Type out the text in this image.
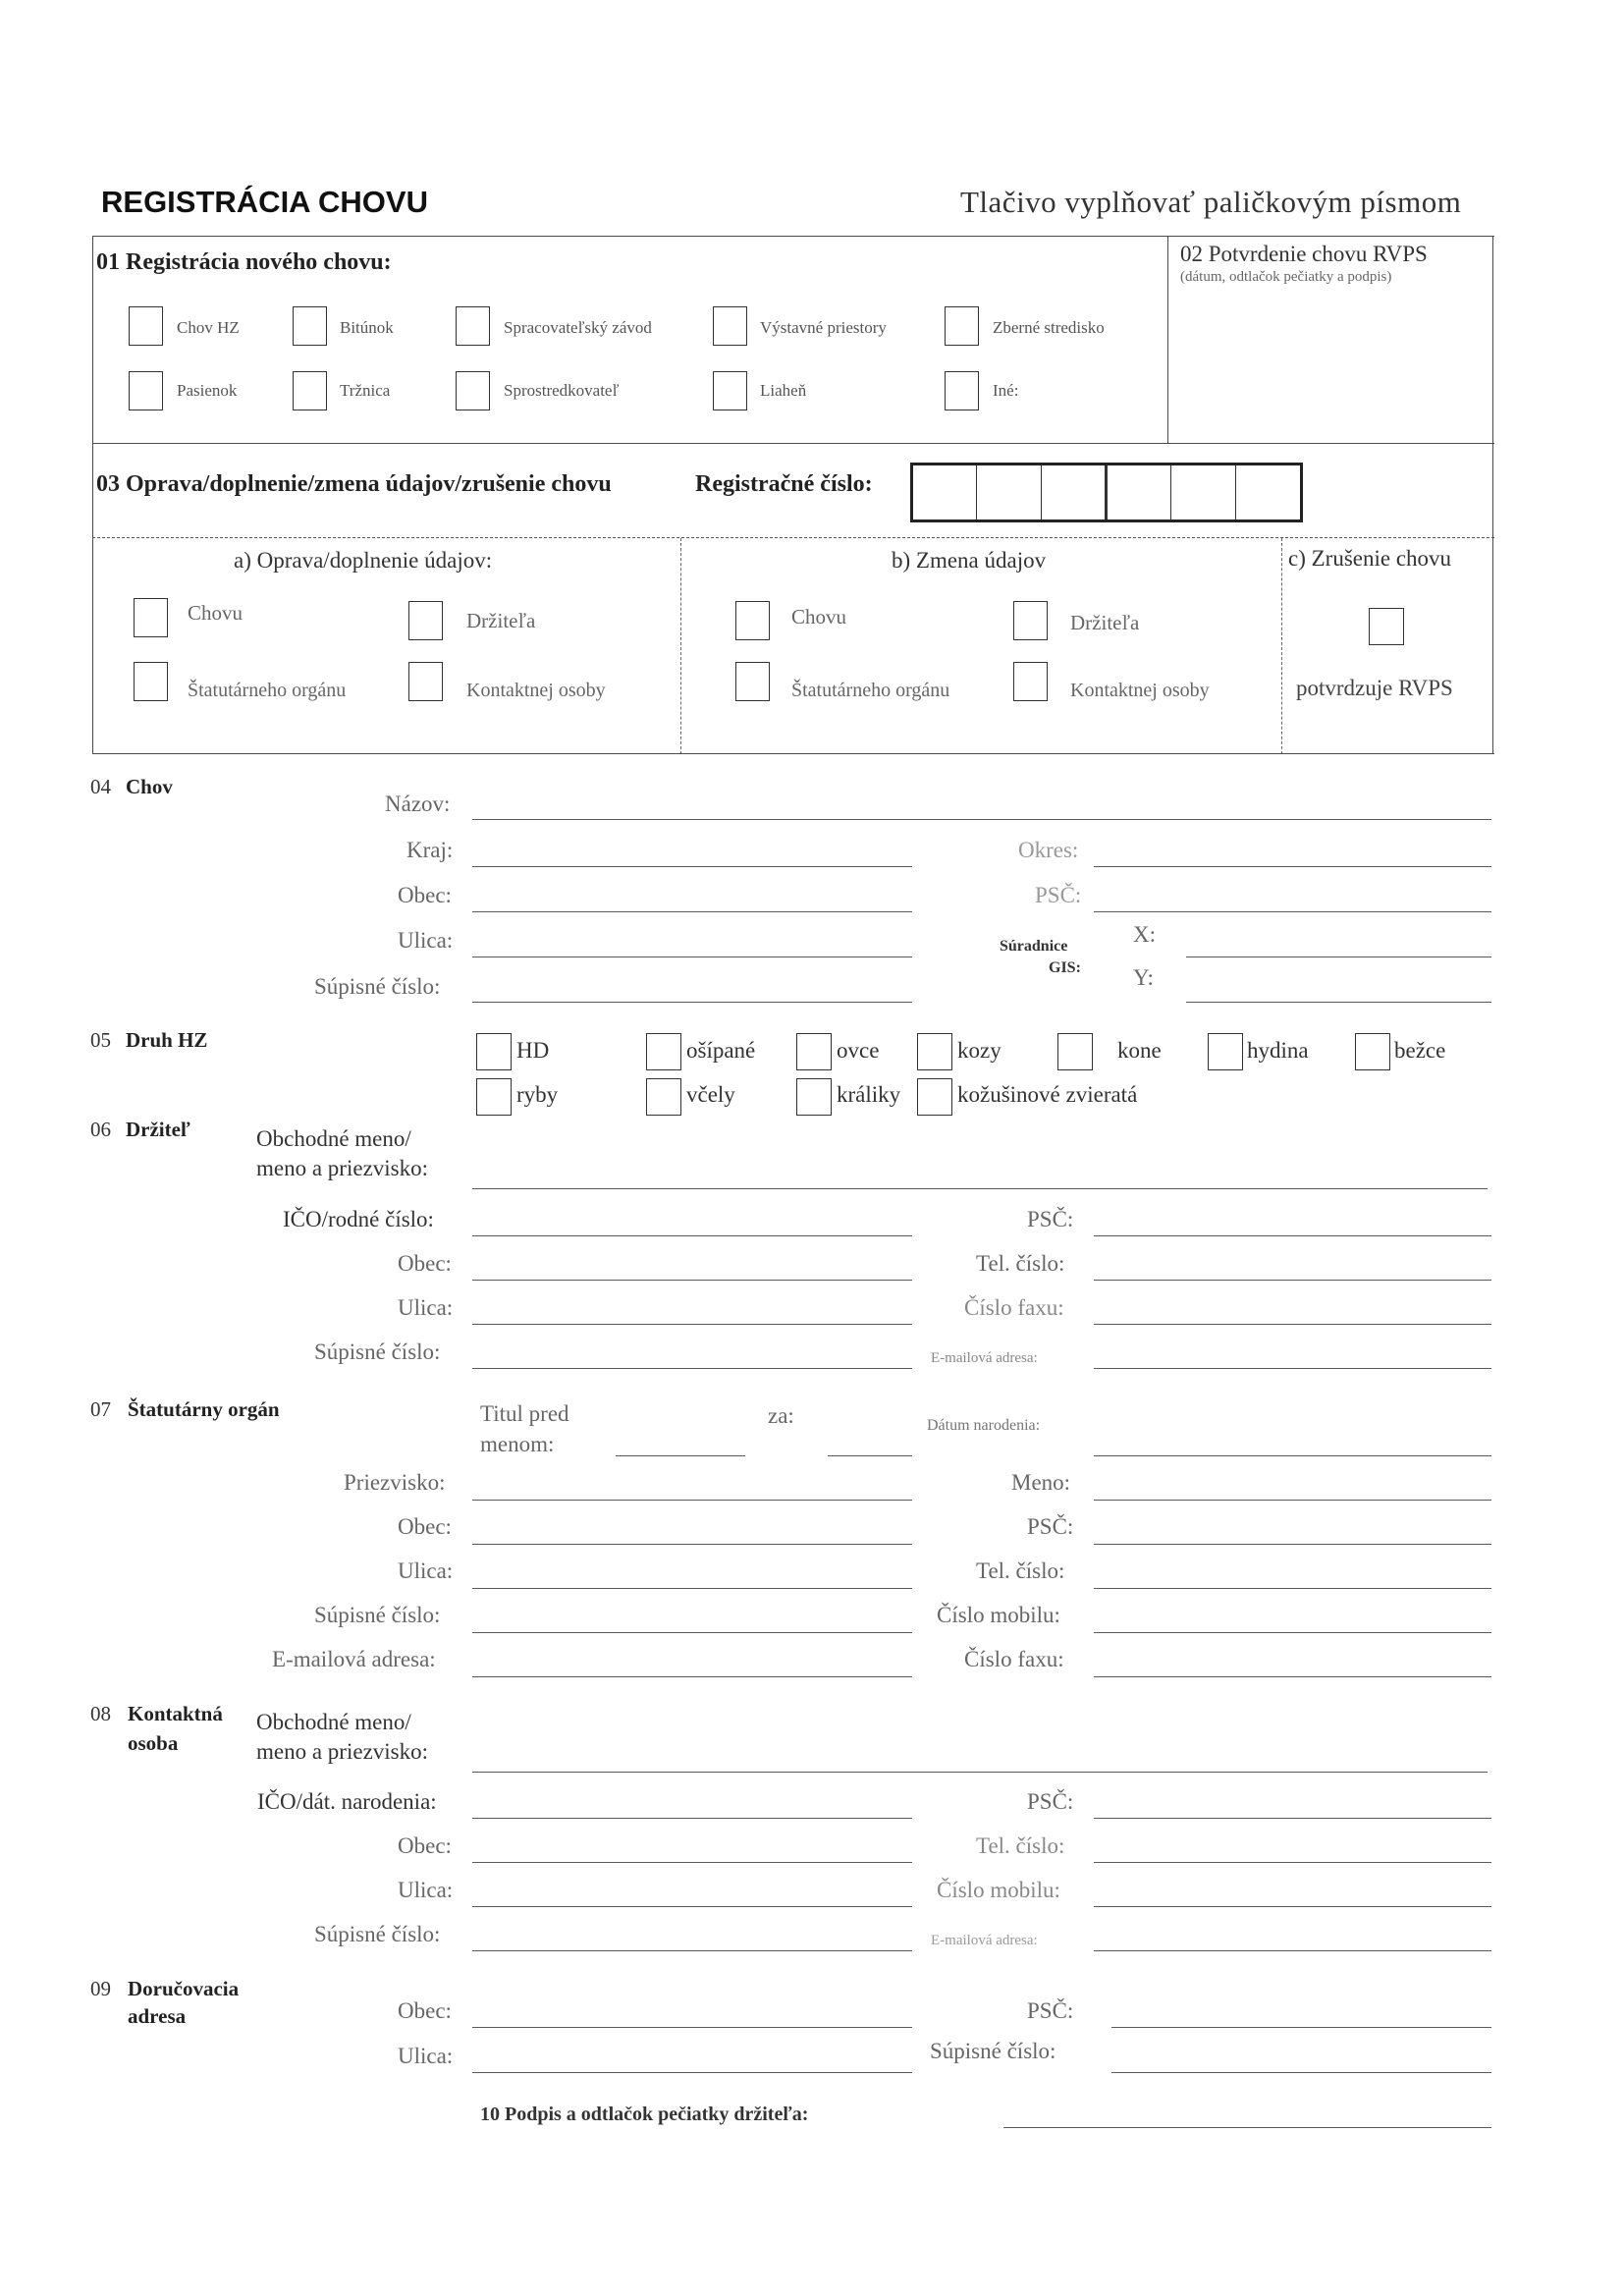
REGISTRÁCIA CHOVU	Tlačivo vyplňovať paličkovým písmom
01 Registrácia nového chovu:
Chov HZ	Bitúnok	Spracovateľský závod	Výstavné priestory	Zberné stredisko
Pasienok	Tržnica	Sprostredkovateľ	Liaheň	Iné:
02 Potvrdenie chovu RVPS
(dátum, odtlačok pečiatky a podpis)
03 Oprava/doplnenie/zmena údajov/zrušenie chovu	Registračné číslo:
a) Oprava/doplnenie údajov:
Chovu	Držiteľa
Štatutárneho orgánu	Kontaktnej osoby
b) Zmena údajov
Chovu	Držiteľa
Štatutárneho orgánu	Kontaktnej osoby
c) Zrušenie chovu
potvrdzuje RVPS
04 Chov
Názov:
Kraj:	Okres:
Obec:	PSČ:
Ulica:
Súpisné číslo:
Súradnice
GIS:
X:
Y:
05 Druh HZ	HD	ošípané	ovce	kozy	kone	hydina	bežce
ryby	včely	králiky	kožušinové zvieratá
06 Držiteľ	Obchodné meno/
meno a priezvisko:
IČO/rodné číslo:	PSČ:
Obec:	Tel. číslo:
Ulica:	Číslo faxu:
Súpisné číslo:	E-mailová adresa:
07 Štatutárny orgán	Titul pred
menom:
za:	Dátum narodenia:
Priezvisko:	Meno:
Obec:	PSČ:
Ulica:	Tel. číslo:
Súpisné číslo:	Číslo mobilu:
E-mailová adresa:	Číslo faxu:
08 Kontaktná
osoba
Obchodné meno/
meno a priezvisko:
IČO/dát. narodenia:	PSČ:
Obec:	Tel. číslo:
Ulica:	Číslo mobilu:
Súpisné číslo:	E-mailová adresa:
09 Doručovacia
adresa	Obec:	PSČ:
Ulica:	Súpisné číslo:
10 Podpis a odtlačok pečiatky držiteľa:
